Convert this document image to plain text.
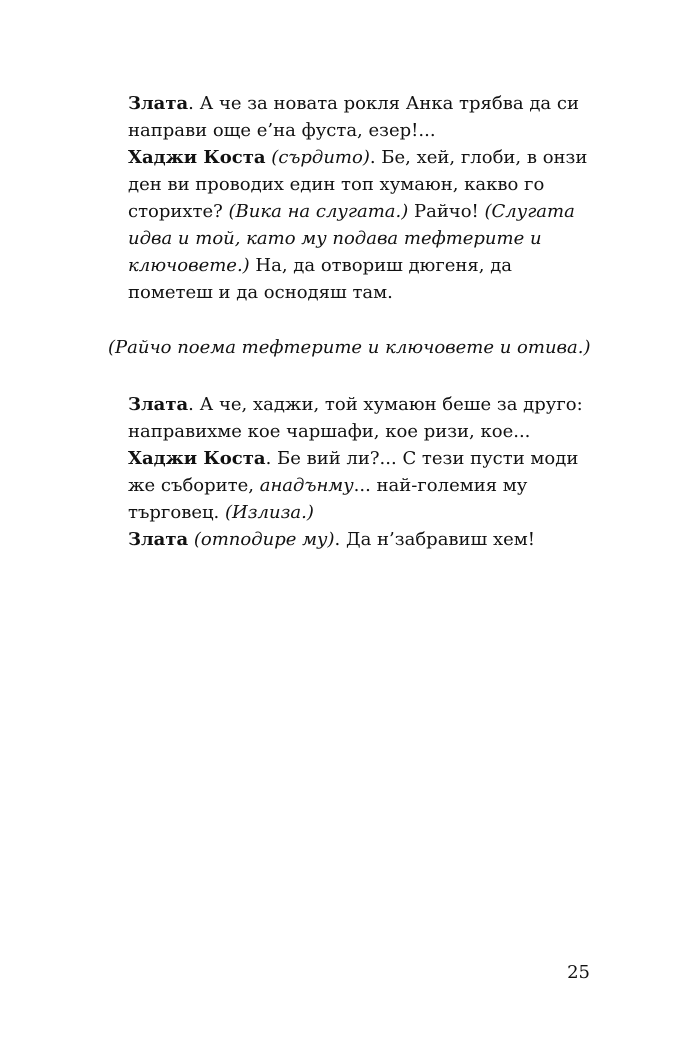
Злата. А че за новата рокля Анка трябва да си направи още е’на фуста, езер!...

Хаджи Коста (сърдито). Бе, хей, глоби, в онзи ден ви проводих един топ хумаюн, какво го сторихте? (Вика на слугата.) Райчо! (Слугата идва и той, като му подава тефтерите и ключовете.) На, да отвориш дюгеня, да пометеш и да оснодяш там.

(Райчо поема тефтерите и ключовете и отива.)

Злата. А че, хаджи, той хумаюн беше за друго: направихме кое чаршафи, кое ризи, кое...

Хаджи Коста. Бе вий ли?... С тези пусти моди же съборите, анадънму... най-големия му търговец. (Излиза.)

Злата (отподире му). Да н’забравиш хем!

25
